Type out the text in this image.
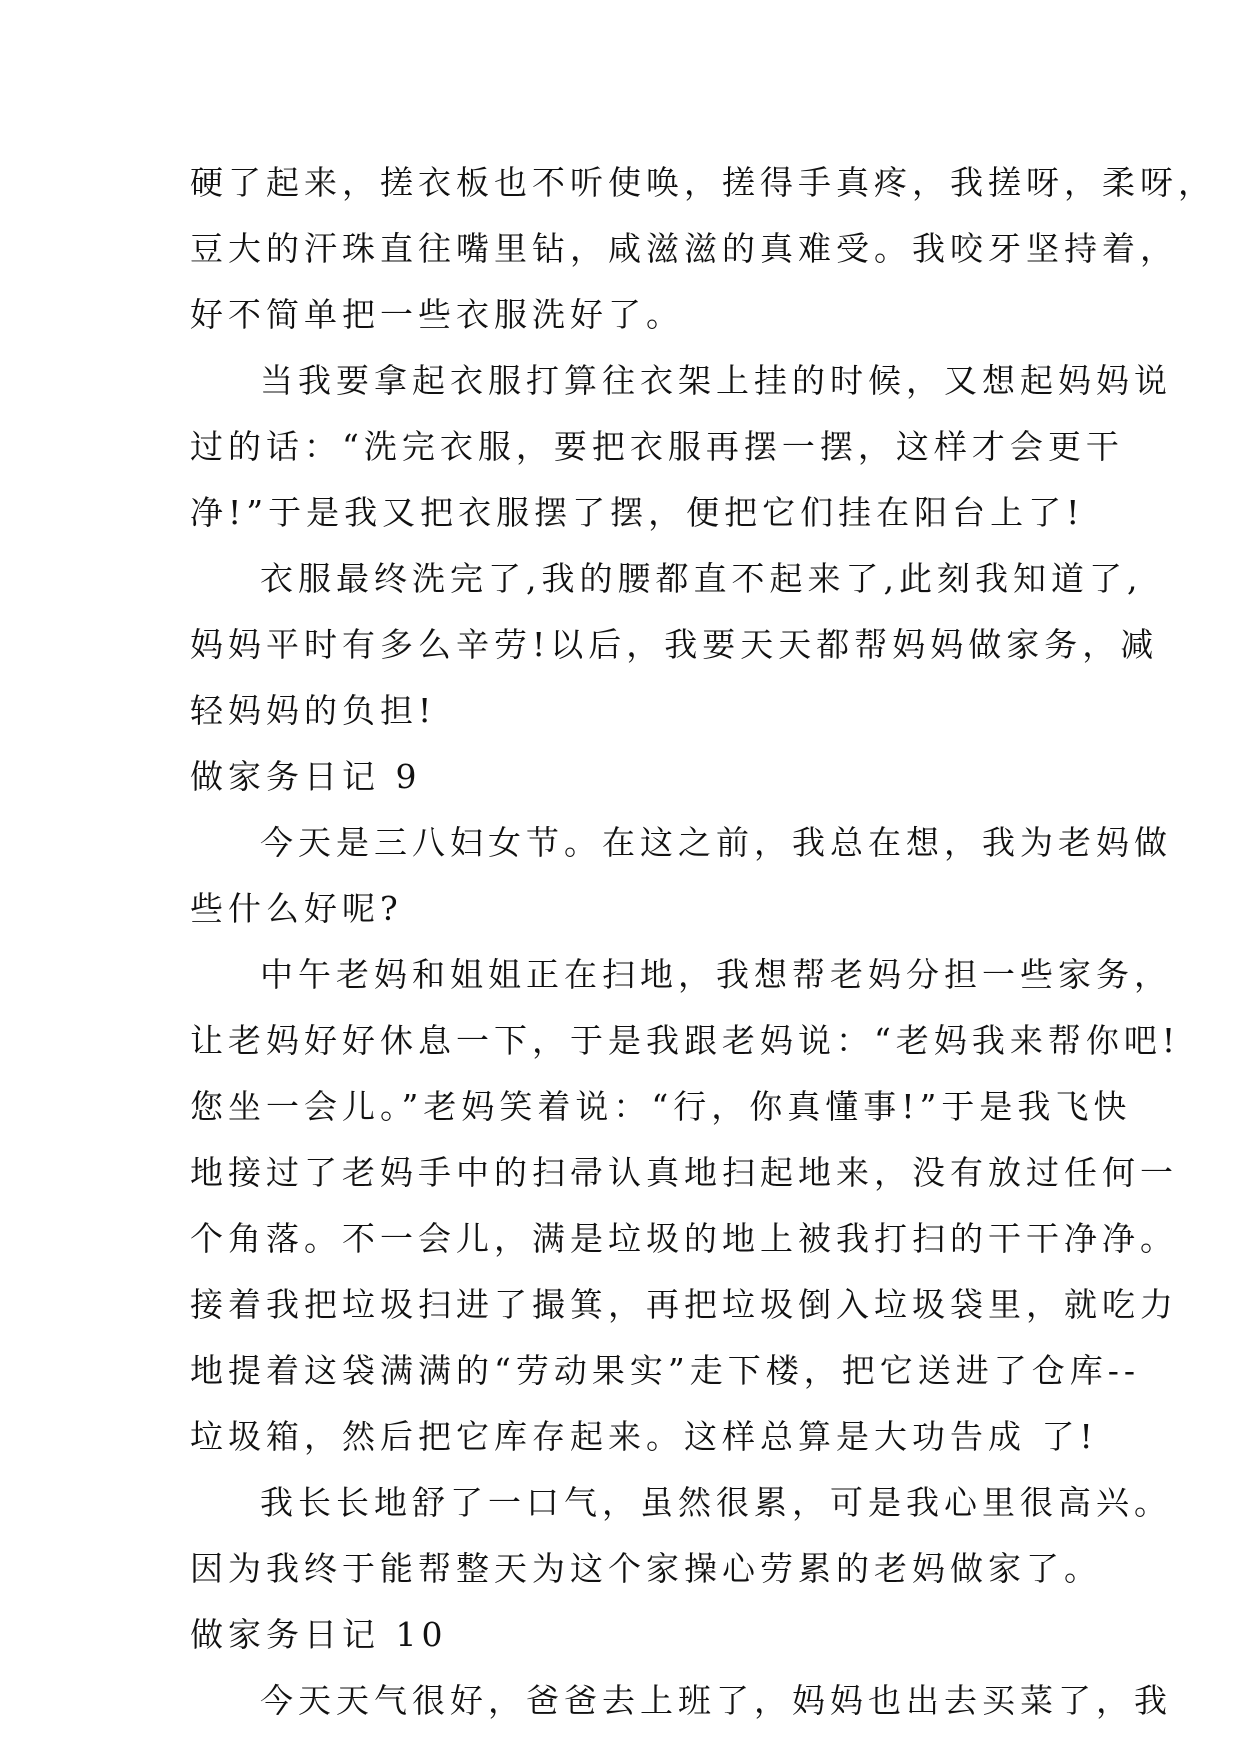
硬了起来，搓衣板也不听使唤，搓得手真疼，我搓呀，柔呀，
豆大的汗珠直往嘴里钻，咸滋滋的真难受。我咬牙坚持着，
好不简单把一些衣服洗好了。
当我要拿起衣服打算往衣架上挂的时候，又想起妈妈说
过的话：“洗完衣服，要把衣服再摆一摆，这样才会更干
净!”于是我又把衣服摆了摆，便把它们挂在阳台上了!
衣服最终洗完了,我的腰都直不起来了,此刻我知道了,
妈妈平时有多么辛劳!以后，我要天天都帮妈妈做家务，减
轻妈妈的负担!
做家务日记 9
今天是三八妇女节。在这之前，我总在想，我为老妈做
些什么好呢?
中午老妈和姐姐正在扫地，我想帮老妈分担一些家务，
让老妈好好休息一下，于是我跟老妈说：“老妈我来帮你吧!
您坐一会儿。”老妈笑着说：“行，你真懂事!”于是我飞快
地接过了老妈手中的扫帚认真地扫起地来，没有放过任何一
个角落。不一会儿，满是垃圾的地上被我打扫的干干净净。
接着我把垃圾扫进了撮箕，再把垃圾倒入垃圾袋里，就吃力
地提着这袋满满的“劳动果实”走下楼，把它送进了仓库--
垃圾箱，然后把它库存起来。这样总算是大功告成 了!
我长长地舒了一口气，虽然很累，可是我心里很高兴。
因为我终于能帮整天为这个家操心劳累的老妈做家了。
做家务日记 10
今天天气很好，爸爸去上班了，妈妈也出去买菜了，我
